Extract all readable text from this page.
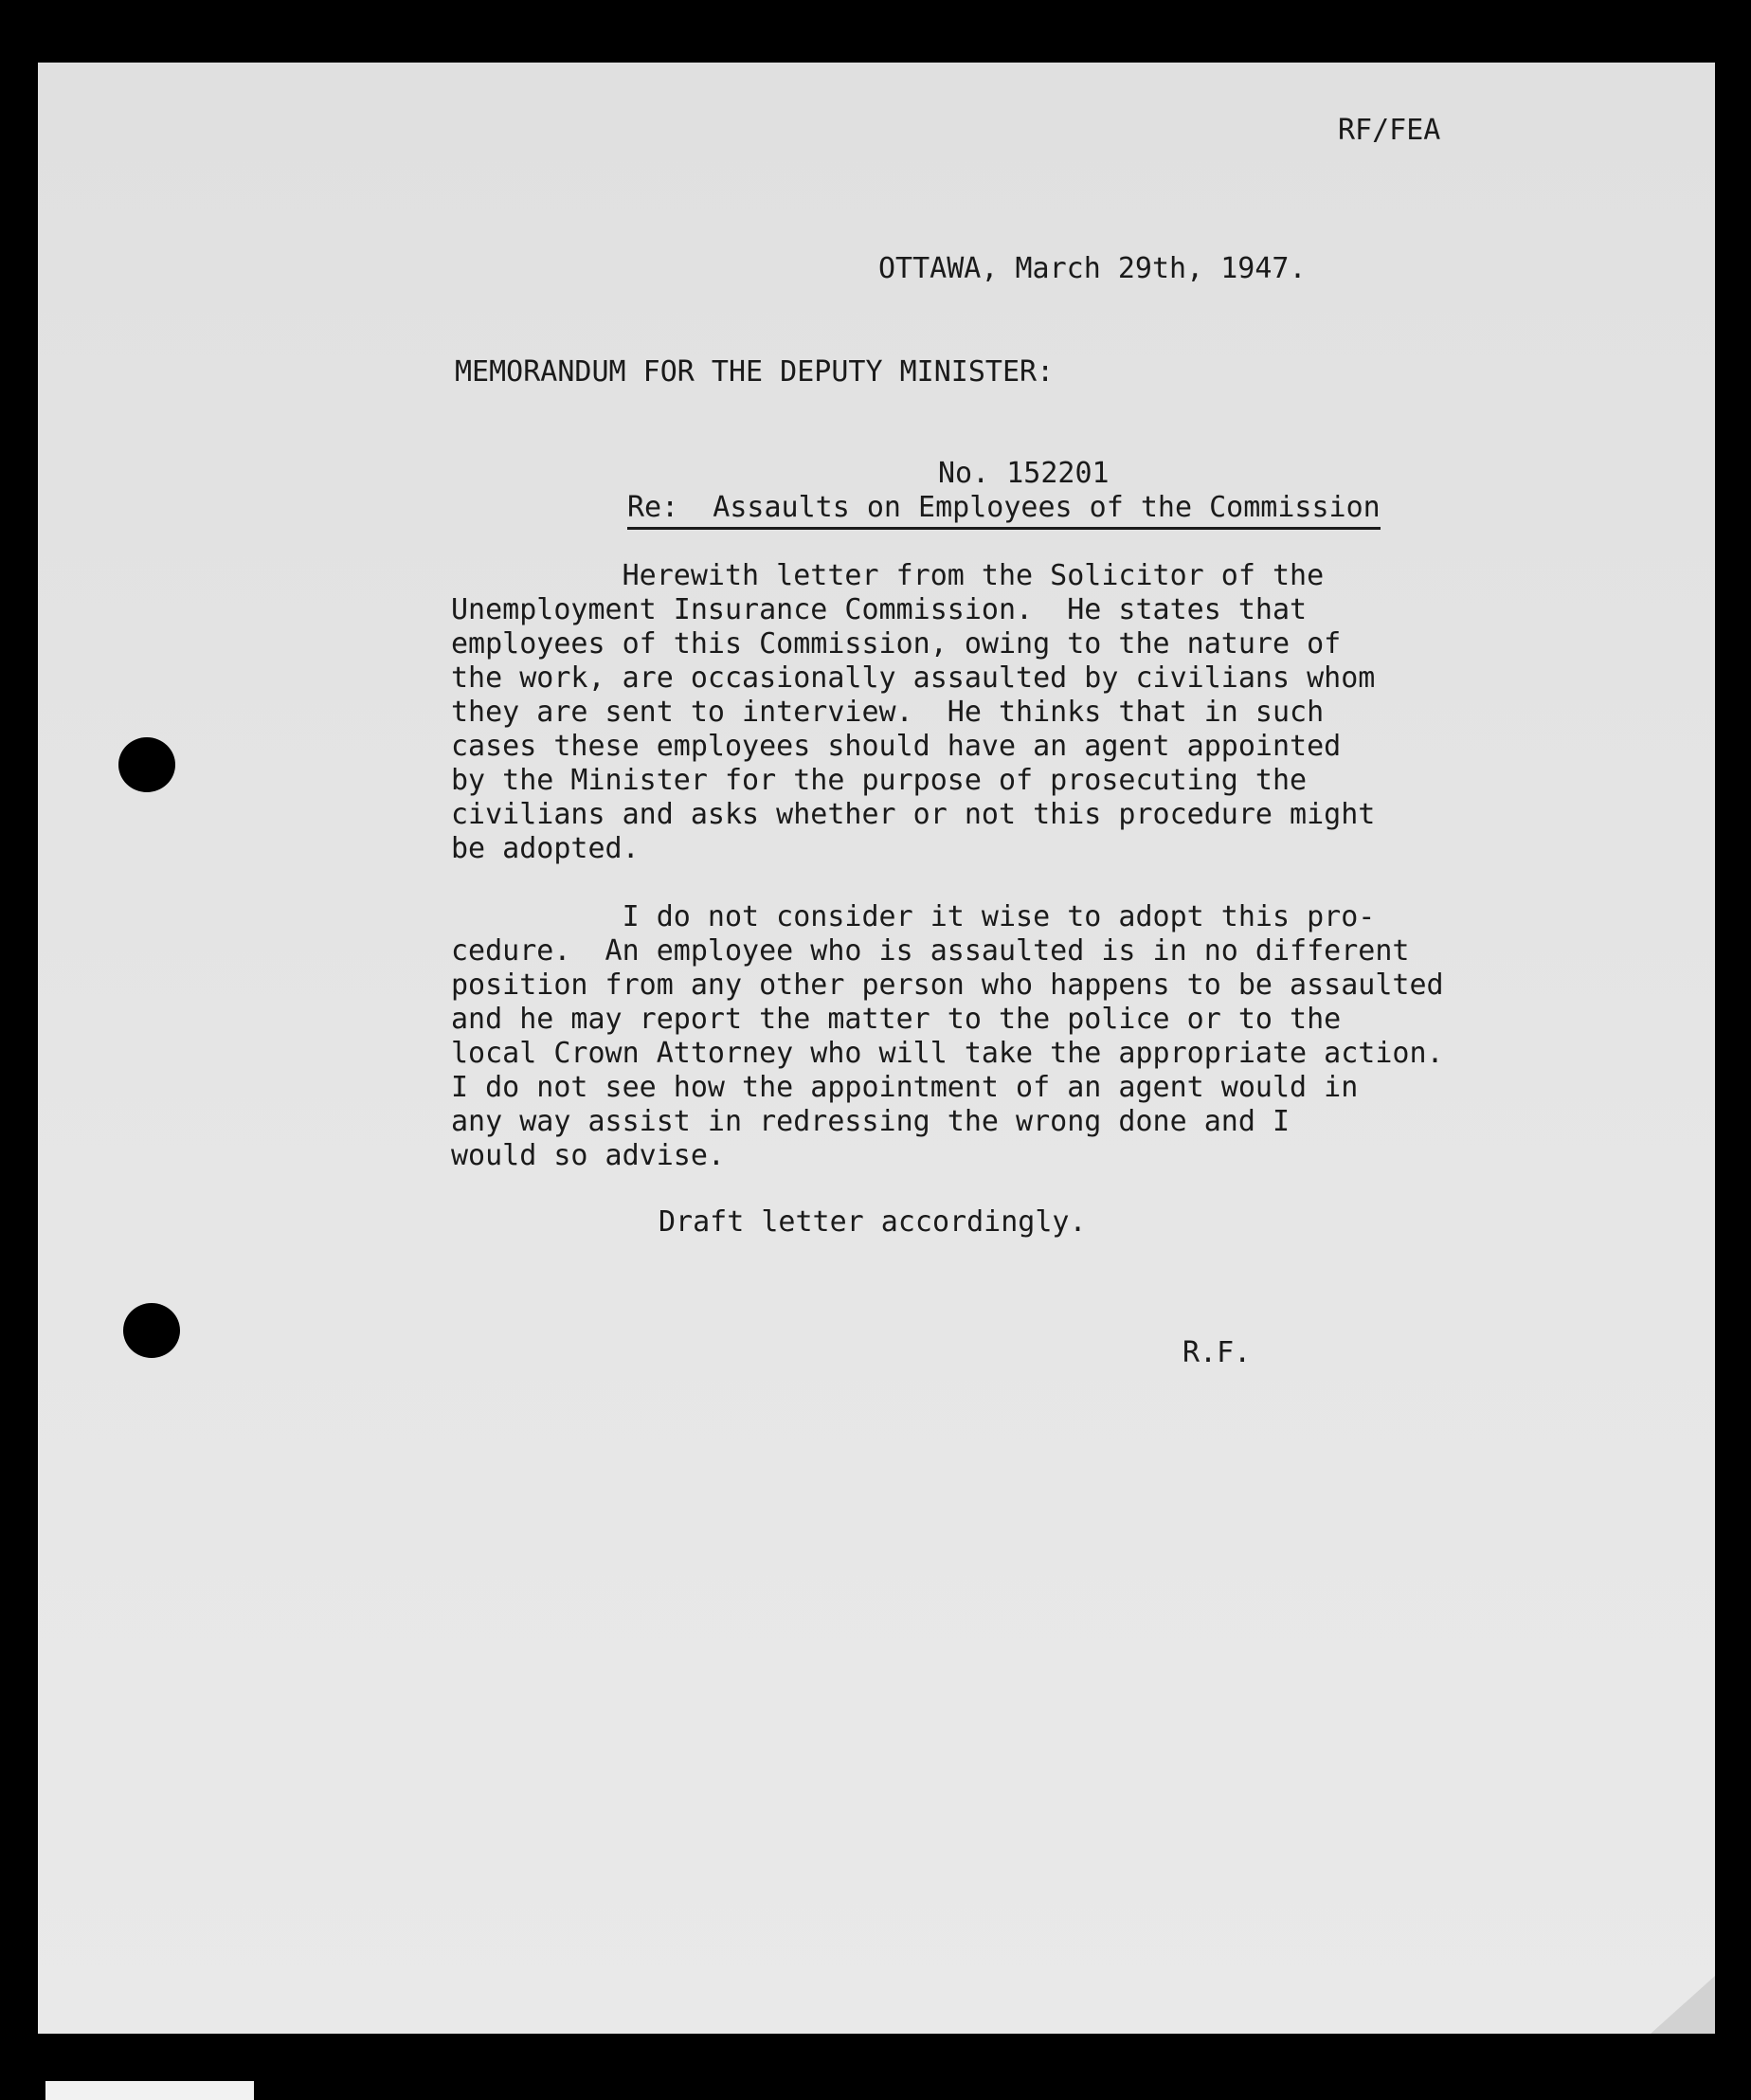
RF/FEA

OTTAWA, March 29th, 1947.

MEMORANDUM FOR THE DEPUTY MINISTER:

No. 152201

Re:  Assaults on Employees of the Commission

Herewith letter from the Solicitor of the
Unemployment Insurance Commission.  He states that
employees of this Commission, owing to the nature of
the work, are occasionally assaulted by civilians whom
they are sent to interview.  He thinks that in such
cases these employees should have an agent appointed
by the Minister for the purpose of prosecuting the
civilians and asks whether or not this procedure might
be adopted.
I do not consider it wise to adopt this pro-
cedure.  An employee who is assaulted is in no different
position from any other person who happens to be assaulted
and he may report the matter to the police or to the
local Crown Attorney who will take the appropriate action.
I do not see how the appointment of an agent would in
any way assist in redressing the wrong done and I
would so advise.

Draft letter accordingly.

R.F.
